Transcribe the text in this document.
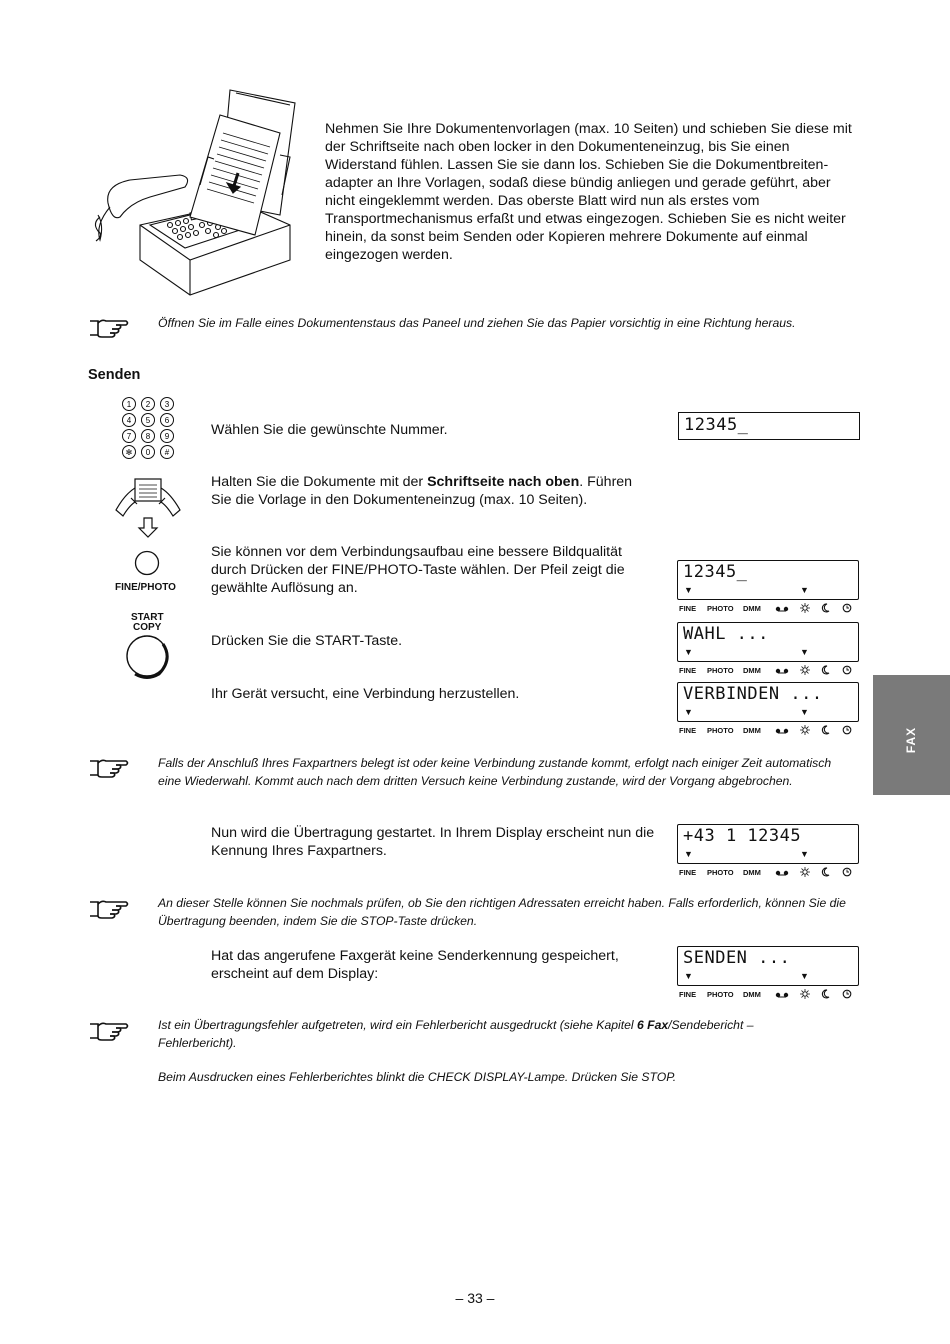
Nehmen Sie Ihre Dokumentenvorlagen (max. 10 Seiten) und schieben Sie diese mit der Schriftseite nach oben locker in den Dokumenteneinzug, bis Sie einen Widerstand fühlen. Lassen Sie sie dann los. Schieben Sie die Dokumentbreiten-adapter an Ihre Vorlagen, sodaß diese bündig anliegen und gerade geführt, aber nicht eingeklemmt werden. Das oberste Blatt wird nun als erstes vom Transportmechanismus erfaßt und etwas eingezogen. Schieben Sie es nicht weiter hinein, da sonst beim Senden oder Kopieren mehrere Dokumente auf einmal eingezogen werden.
Öffnen Sie im Falle eines Dokumentenstaus das Paneel und ziehen Sie das Papier vorsichtig in eine Richtung heraus.
Senden
1 2 3
4 5 6
7 8 9
✻ 0 #
Wählen Sie die gewünschte Nummer.	12345_
Halten Sie die Dokumente mit der Schriftseite nach oben. Führen Sie die Vorlage in den Dokumenteneinzug (max. 10 Seiten).
FINE/PHOTO
Sie können vor dem Verbindungsaufbau eine bessere Bildqualität durch Drücken der FINE/PHOTO-Taste wählen. Der Pfeil zeigt die gewählte Auflösung an.
START
COPY
Drücken Sie die START-Taste.
Ihr Gerät versucht, eine Verbindung herzustellen.
12345_
▼	▼
FINE PHOTO DMM
WAHL ...
▼	▼
FINE PHOTO DMM
VERBINDEN ...
▼	▼
FINE PHOTO DMM
Falls der Anschluß Ihres Faxpartners belegt ist oder keine Verbindung zustande kommt, erfolgt nach einiger Zeit automatisch eine Wiederwahl. Kommt auch nach dem dritten Versuch keine Verbindung zustande, wird der Vorgang abgebrochen.
Nun wird die Übertragung gestartet. In Ihrem Display erscheint nun die Kennung Ihres Faxpartners.
+43 1 12345
▼	▼
FINE PHOTO DMM
An dieser Stelle können Sie nochmals prüfen, ob Sie den richtigen Adressaten erreicht haben. Falls erforderlich, können Sie die Übertragung beenden, indem Sie die STOP-Taste drücken.
Hat das angerufene Faxgerät keine Senderkennung gespeichert, erscheint auf dem Display:
SENDEN ...
▼	▼
FINE PHOTO DMM
Ist ein Übertragungsfehler aufgetreten, wird ein Fehlerbericht ausgedruckt (siehe Kapitel 6 Fax/Sendebericht – Fehlerbericht).
Beim Ausdrucken eines Fehlerberichtes blinkt die CHECK DISPLAY-Lampe. Drücken Sie STOP.
FAX
– 33 –
